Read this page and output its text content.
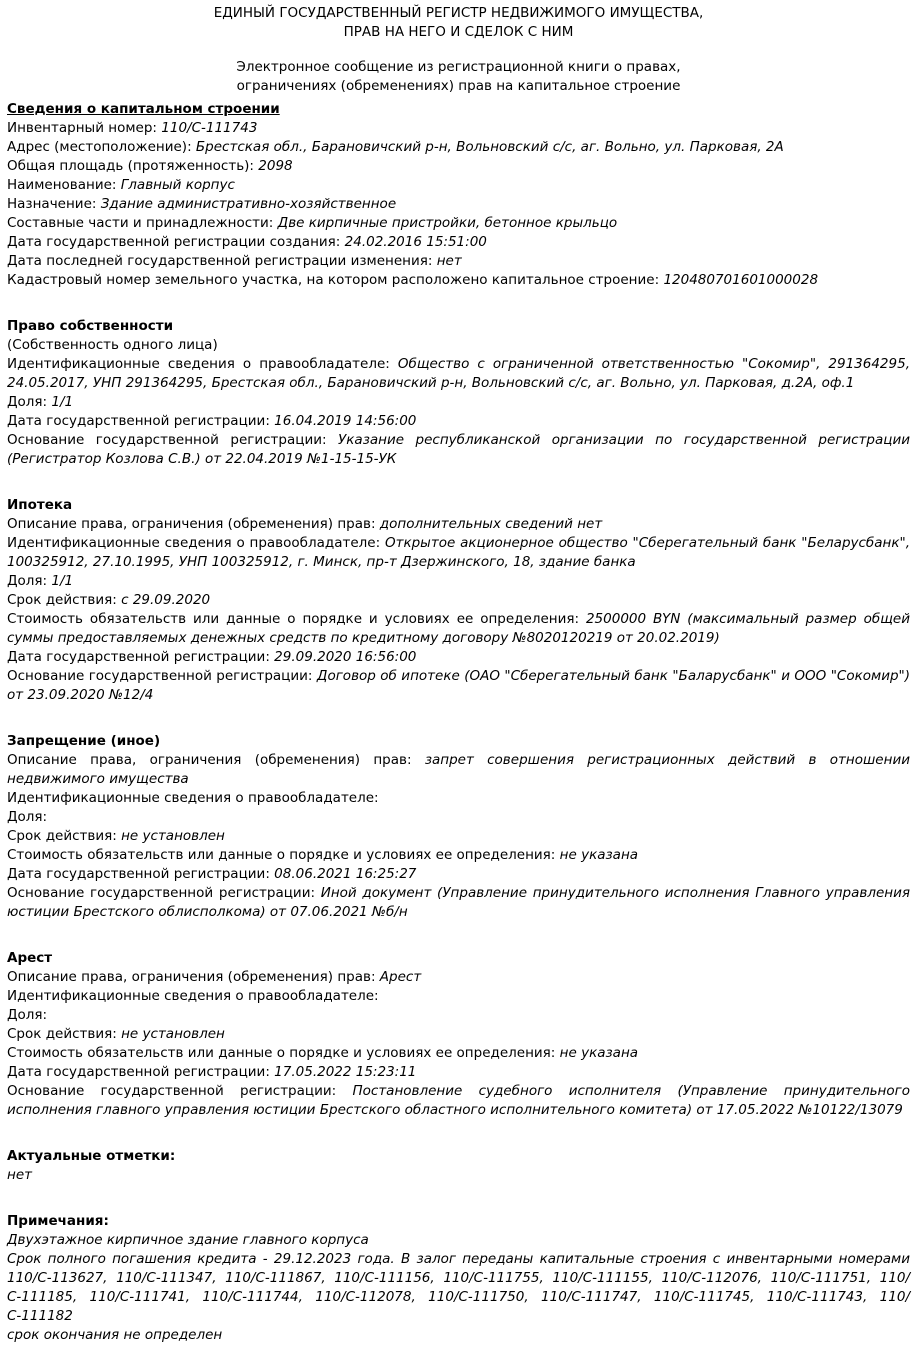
ЕДИНЫЙ ГОСУДАРСТВЕННЫЙ РЕГИСТР НЕДВИЖИМОГО ИМУЩЕСТВА,

ПРАВ НА НЕГО И СДЕЛОК С НИМ

Электронное сообщение из регистрационной книги о правах,

ограничениях (обременениях) прав на капитальное строение

Сведения о капитальном строении

Инвентарный номер: 110/С-111743

Адрес (местоположение): Брестская обл., Барановичский р-н, Вольновский с/с, аг. Вольно, ул. Парковая, 2А

Общая площадь (протяженность): 2098

Наименование: Главный корпус

Назначение: Здание административно-хозяйственное

Составные части и принадлежности: Две кирпичные пристройки, бетонное крыльцо

Дата государственной регистрации создания: 24.02.2016 15:51:00

Дата последней государственной регистрации изменения: нет

Кадастровый номер земельного участка, на котором расположено капитальное строение: 120480701601000028

Право собственности

(Собственность одного лица)

Идентификационные сведения о правообладателе: Общество с ограниченной ответственностью "Сокомир", 291364295, 24.05.2017, УНП 291364295, Брестская обл., Барановичский р-н, Вольновский с/с, аг. Вольно, ул. Парковая, д.2А, оф.1

Доля: 1/1

Дата государственной регистрации: 16.04.2019 14:56:00

Основание государственной регистрации: Указание республиканской организации по государственной регистрации (Регистратор Козлова С.В.) от 22.04.2019 №1-15-15-УК

Ипотека

Описание права, ограничения (обременения) прав: дополнительных сведений нет

Идентификационные сведения о правообладателе: Открытое акционерное общество "Сберегательный банк "Беларусбанк", 100325912, 27.10.1995, УНП 100325912, г. Минск, пр-т Дзержинского, 18, здание банка

Доля: 1/1

Срок действия: с 29.09.2020

Стоимость обязательств или данные о порядке и условиях ее определения: 2500000 BYN (максимальный размер общей суммы предоставляемых денежных средств по кредитному договору №8020120219 от 20.02.2019)

Дата государственной регистрации: 29.09.2020 16:56:00

Основание государственной регистрации: Договор об ипотеке (ОАО "Сберегательный банк "Баларусбанк" и ООО "Сокомир") от 23.09.2020 №12/4

Запрещение (иное)

Описание права, ограничения (обременения) прав: запрет совершения регистрационных действий в отношении недвижимого имущества

Идентификационные сведения о правообладателе:

Доля:

Срок действия: не установлен

Стоимость обязательств или данные о порядке и условиях ее определения: не указана

Дата государственной регистрации: 08.06.2021 16:25:27

Основание государственной регистрации: Иной документ (Управление принудительного исполнения Главного управления юстиции Брестского облисполкома) от 07.06.2021 №б/н

Арест

Описание права, ограничения (обременения) прав: Арест

Идентификационные сведения о правообладателе:

Доля:

Срок действия: не установлен

Стоимость обязательств или данные о порядке и условиях ее определения: не указана

Дата государственной регистрации: 17.05.2022 15:23:11

Основание государственной регистрации: Постановление судебного исполнителя (Управление принудительного исполнения главного управления юстиции Брестского областного исполнительного комитета) от 17.05.2022 №10122/13079

Актуальные отметки:

нет

Примечания:

Двухэтажное кирпичное здание главного корпуса

Срок полного погашения кредита - 29.12.2023 года. В залог переданы капитальные строения с инвентарными номерами 110/​С-113627, 110/​С-111347, 110/​С-111867, 110/​С-111156, 110/​С-111755, 110/​С-111155, 110/​С-112076, 110/​С-111751, 110/​С-111185, 110/​С-111741, 110/​С-111744, 110/​С-112078, 110/​С-111750, 110/​С-111747, 110/​С-111745, 110/​С-111743, 110/​С-111182

срок окончания не определен
